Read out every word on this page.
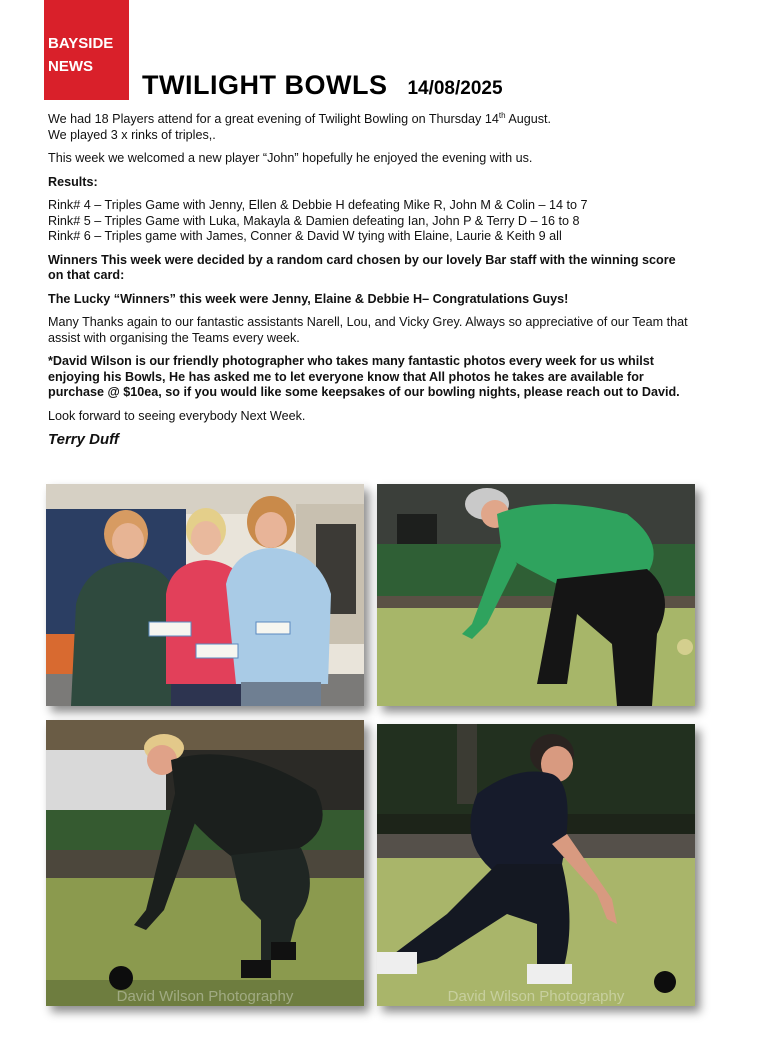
BAYSIDE
NEWS
TWILIGHT BOWLS 14/08/2025

We had 18 Players attend for a great evening of Twilight Bowling on Thursday 14th August.

We played 3 x rinks of triples,.

This week we welcomed a new player “John” hopefully he enjoyed the evening with us.

Results:

Rink# 4 – Triples Game with Jenny, Ellen & Debbie H defeating Mike R, John M & Colin – 14 to 7

Rink# 5 – Triples Game with Luka, Makayla & Damien defeating Ian, John P & Terry D – 16 to 8

Rink# 6 – Triples game with James, Conner & David W tying with Elaine, Laurie & Keith 9 all

Winners This week were decided by a random card chosen by our lovely Bar staff with the winning score on that card:

The Lucky “Winners” this week were Jenny, Elaine & Debbie H– Congratulations Guys!

Many Thanks again to our fantastic assistants Narell, Lou, and Vicky Grey. Always so appreciative of our Team that assist with organising the Teams every week.

*David Wilson is our friendly photographer who takes many fantastic photos every week for us whilst enjoying his Bowls, He has asked me to let everyone know that All photos he takes are available for purchase @ $10ea, so if you would like some keepsakes of our bowling nights, please reach out to David.

Look forward to seeing everybody Next Week.

Terry Duff
David Wilson Photography	David Wilson Photography
